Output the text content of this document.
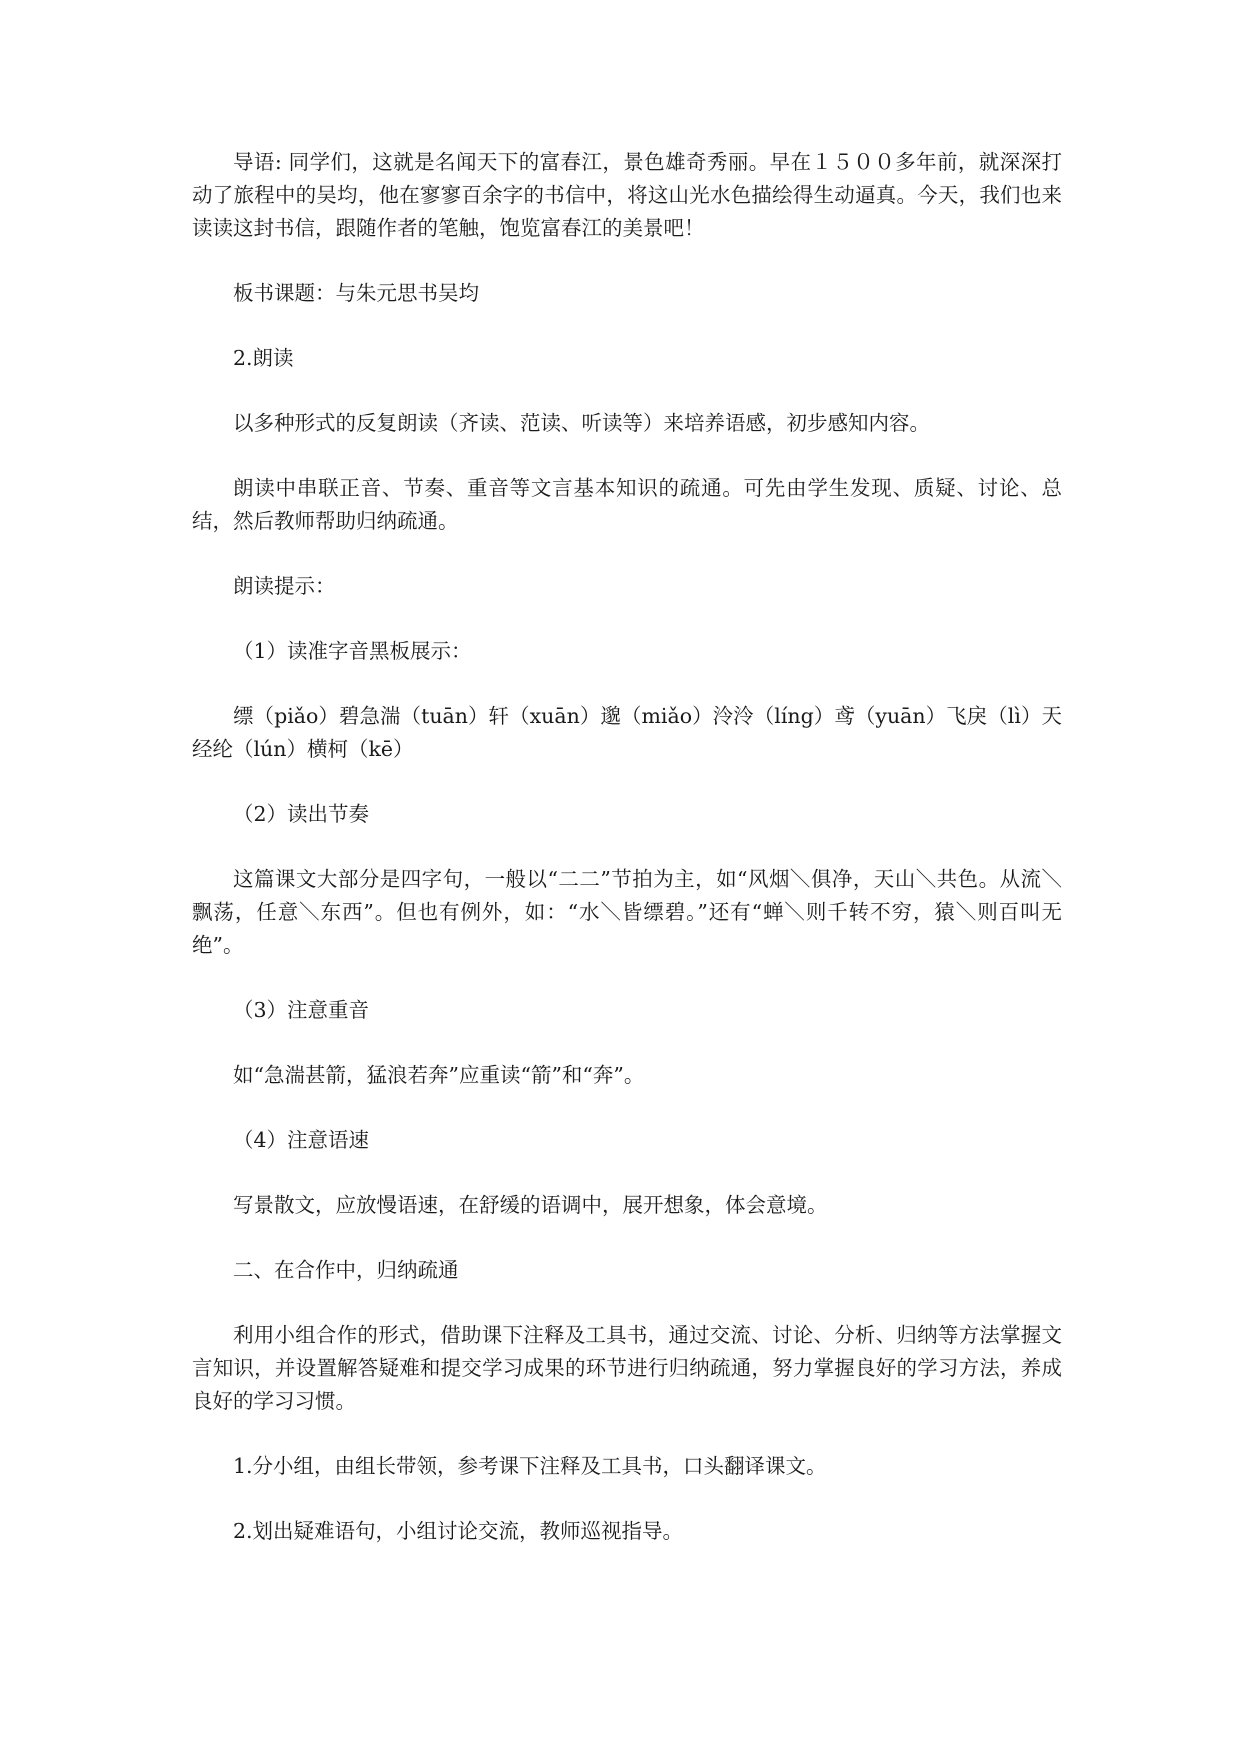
导语: 同学们，这就是名闻天下的富春江，景色雄奇秀丽。早在１５００多年前，就深深打动了旅程中的吴均，他在寥寥百余字的书信中，将这山光水色描绘得生动逼真。今天，我们也来读读这封书信，跟随作者的笔触，饱览富春江的美景吧！

板书课题：与朱元思书吴均

2.朗读

以多种形式的反复朗读（齐读、范读、听读等）来培养语感，初步感知内容。

朗读中串联正音、节奏、重音等文言基本知识的疏通。可先由学生发现、质疑、讨论、总结，然后教师帮助归纳疏通。

朗读提示：

（1）读准字音黑板展示：

缥（piǎo）碧急湍（tuān）轩（xuān）邈（miǎo）泠泠（líng）鸢（yuān）飞戾（lì）天经纶（lún）横柯（kē）

（2）读出节奏

这篇课文大部分是四字句，一般以“二二”节拍为主，如“风烟＼俱净，天山＼共色。从流＼飘荡，任意＼东西”。但也有例外，如：“水＼皆缥碧。”还有“蝉＼则千转不穷，猿＼则百叫无绝”。

（3）注意重音

如“急湍甚箭，猛浪若奔”应重读“箭”和“奔”。

（4）注意语速

写景散文，应放慢语速，在舒缓的语调中，展开想象，体会意境。

二、在合作中，归纳疏通

利用小组合作的形式，借助课下注释及工具书，通过交流、讨论、分析、归纳等方法掌握文言知识，并设置解答疑难和提交学习成果的环节进行归纳疏通，努力掌握良好的学习方法，养成良好的学习习惯。

1.分小组，由组长带领，参考课下注释及工具书，口头翻译课文。

2.划出疑难语句，小组讨论交流，教师巡视指导。
